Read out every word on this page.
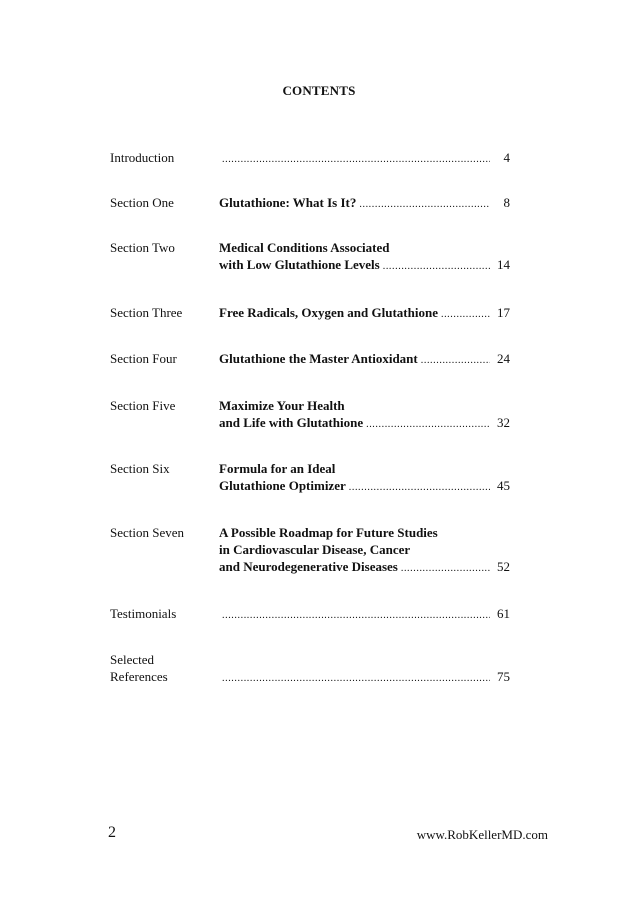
CONTENTS
Introduction .....	4
Section One	Glutathione: What Is It? .....	8
Section Two	Medical Conditions Associated
with Low Glutathione Levels .....	14
Section Three	Free Radicals, Oxygen and Glutathione .....	17
Section Four	Glutathione the Master Antioxidant .....	24
Section Five	Maximize Your Health
and Life with Glutathione .....	32
Section Six	Formula for an Ideal
Glutathione Optimizer .....	45
Section Seven	A Possible Roadmap for Future Studies
in Cardiovascular Disease, Cancer
and Neurodegenerative Diseases .....	52
Testimonials .....	61
Selected
References .....	75
2	www.RobKellerMD.com
